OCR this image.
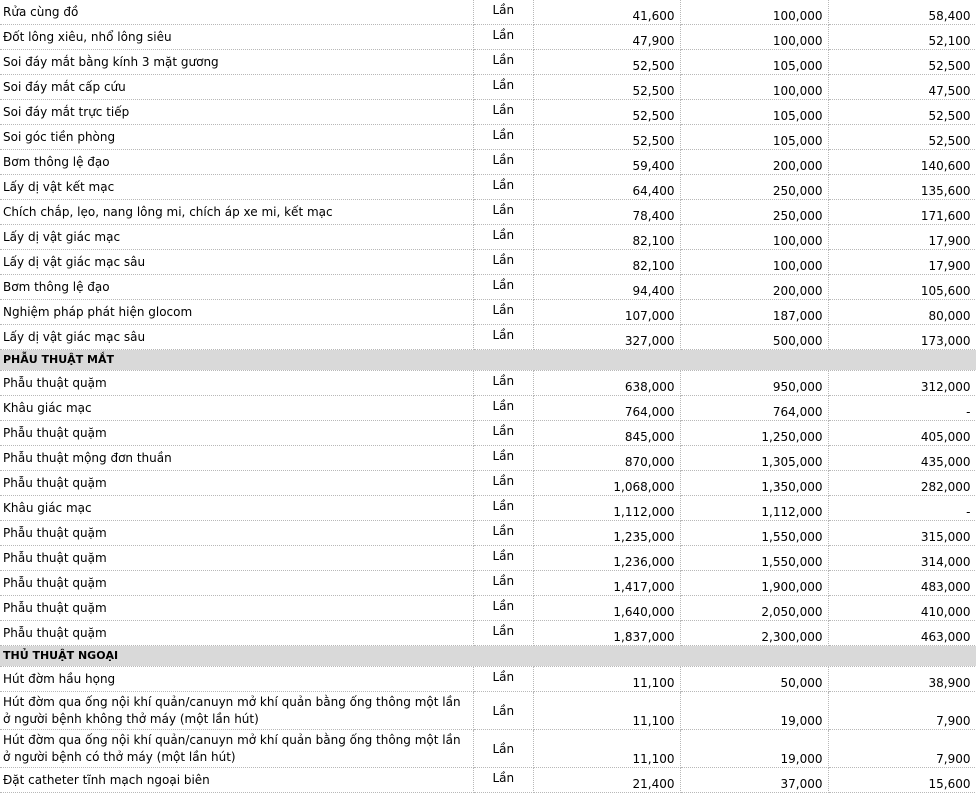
Rửa cùng đồ	Lần	41,600	100,000	58,400
Đốt lông xiêu, nhổ lông siêu	Lần	47,900	100,000	52,100
Soi đáy mắt bằng kính 3 mặt gương	Lần	52,500	105,000	52,500
Soi đáy mắt cấp cứu	Lần	52,500	100,000	47,500
Soi đáy mắt trực tiếp	Lần	52,500	105,000	52,500
Soi góc tiền phòng	Lần	52,500	105,000	52,500
Bơm thông lệ đạo	Lần	59,400	200,000	140,600
Lấy dị vật kết mạc	Lần	64,400	250,000	135,600
Chích chắp, lẹo, nang lông mi, chích áp xe mi, kết mạc	Lần	78,400	250,000	171,600
Lấy dị vật giác mạc	Lần	82,100	100,000	17,900
Lấy dị vật giác mạc sâu	Lần	82,100	100,000	17,900
Bơm thông lệ đạo	Lần	94,400	200,000	105,600
Nghiệm pháp phát hiện glocom	Lần	107,000	187,000	80,000
Lấy dị vật giác mạc sâu	Lần	327,000	500,000	173,000
PHẪU THUẬT MẮT				
Phẫu thuật quặm	Lần	638,000	950,000	312,000
Khâu giác mạc	Lần	764,000	764,000	-
Phẫu thuật quặm	Lần	845,000	1,250,000	405,000
Phẫu thuật mộng đơn thuần	Lần	870,000	1,305,000	435,000
Phẫu thuật quặm	Lần	1,068,000	1,350,000	282,000
Khâu giác mạc	Lần	1,112,000	1,112,000	-
Phẫu thuật quặm	Lần	1,235,000	1,550,000	315,000
Phẫu thuật quặm	Lần	1,236,000	1,550,000	314,000
Phẫu thuật quặm	Lần	1,417,000	1,900,000	483,000
Phẫu thuật quặm	Lần	1,640,000	2,050,000	410,000
Phẫu thuật quặm	Lần	1,837,000	2,300,000	463,000
THỦ THUẬT NGOẠI				
Hút đờm hầu họng	Lần	11,100	50,000	38,900
Hút đờm qua ống nội khí quản/canuyn mở khí quản bằng ống thông một lần ở người bệnh không thở máy (một lần hút)	Lần	11,100	19,000	7,900
Hút đờm qua ống nội khí quản/canuyn mở khí quản bằng ống thông một lần ở người bệnh có thở máy (một lần hút)	Lần	11,100	19,000	7,900
Đặt catheter tĩnh mạch ngoại biên	Lần	21,400	37,000	15,600
